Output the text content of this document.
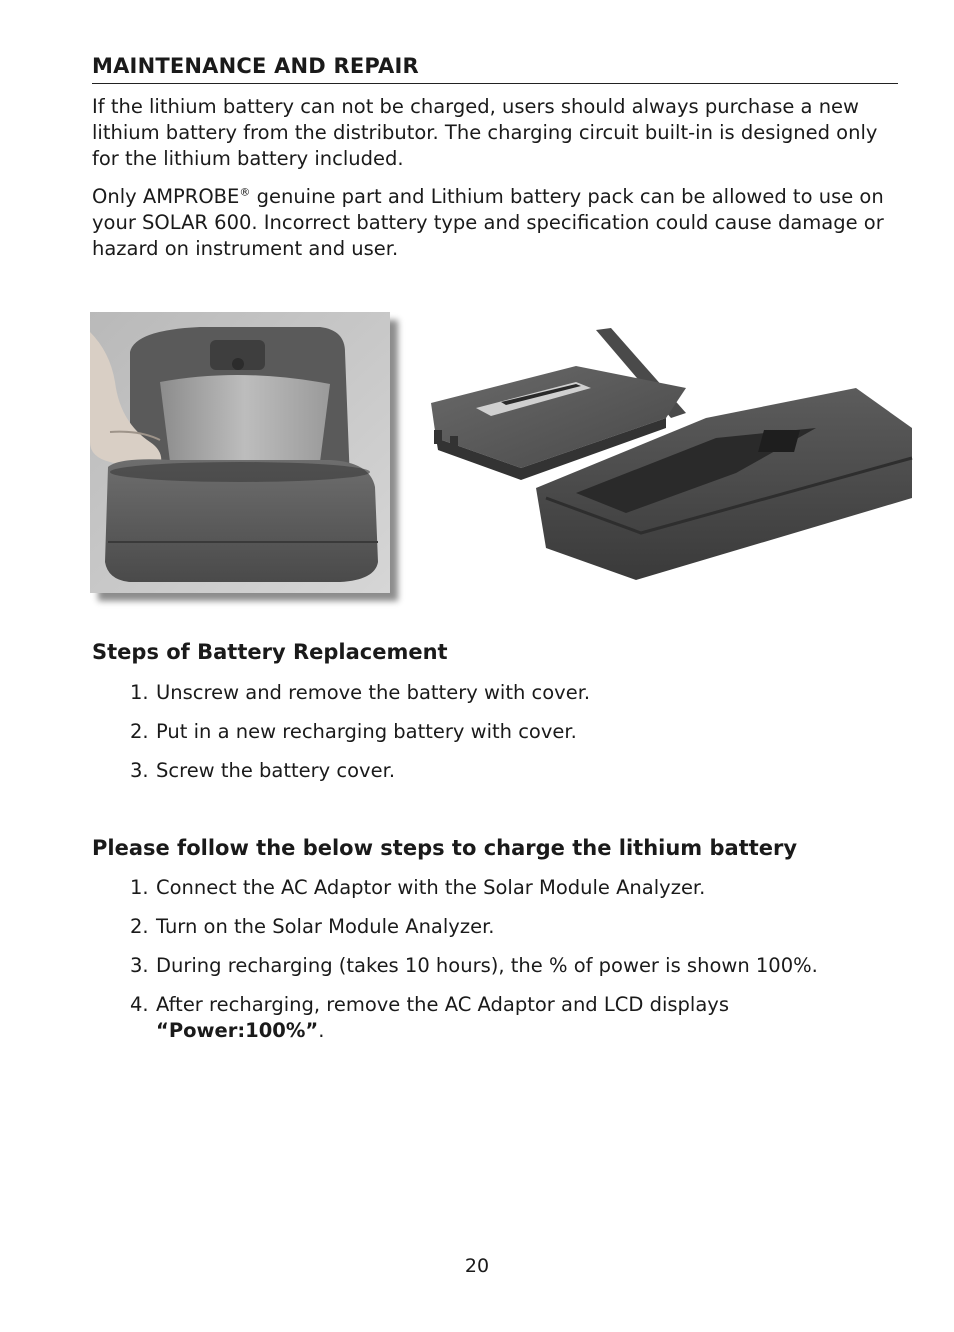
MAINTENANCE AND REPAIR

If the lithium battery can not be charged, users should always purchase a new lithium battery from the distributor. The charging circuit built-in is designed only for the lithium battery included.

Only AMPROBE® genuine part and Lithium battery pack can be allowed to use on your SOLAR 600. Incorrect battery type and specification could cause damage or hazard on instrument and user.

Steps of Battery Replacement
1. Unscrew and remove the battery with cover.
2. Put in a new recharging battery with cover.
3. Screw the battery cover.
Please follow the below steps to charge the lithium battery
1. Connect the AC Adaptor with the Solar Module Analyzer.
2. Turn on the Solar Module Analyzer.
3. During recharging (takes 10 hours), the % of power is shown 100%.
4. After recharging, remove the AC Adaptor and LCD displays
“Power:100%”.
20
